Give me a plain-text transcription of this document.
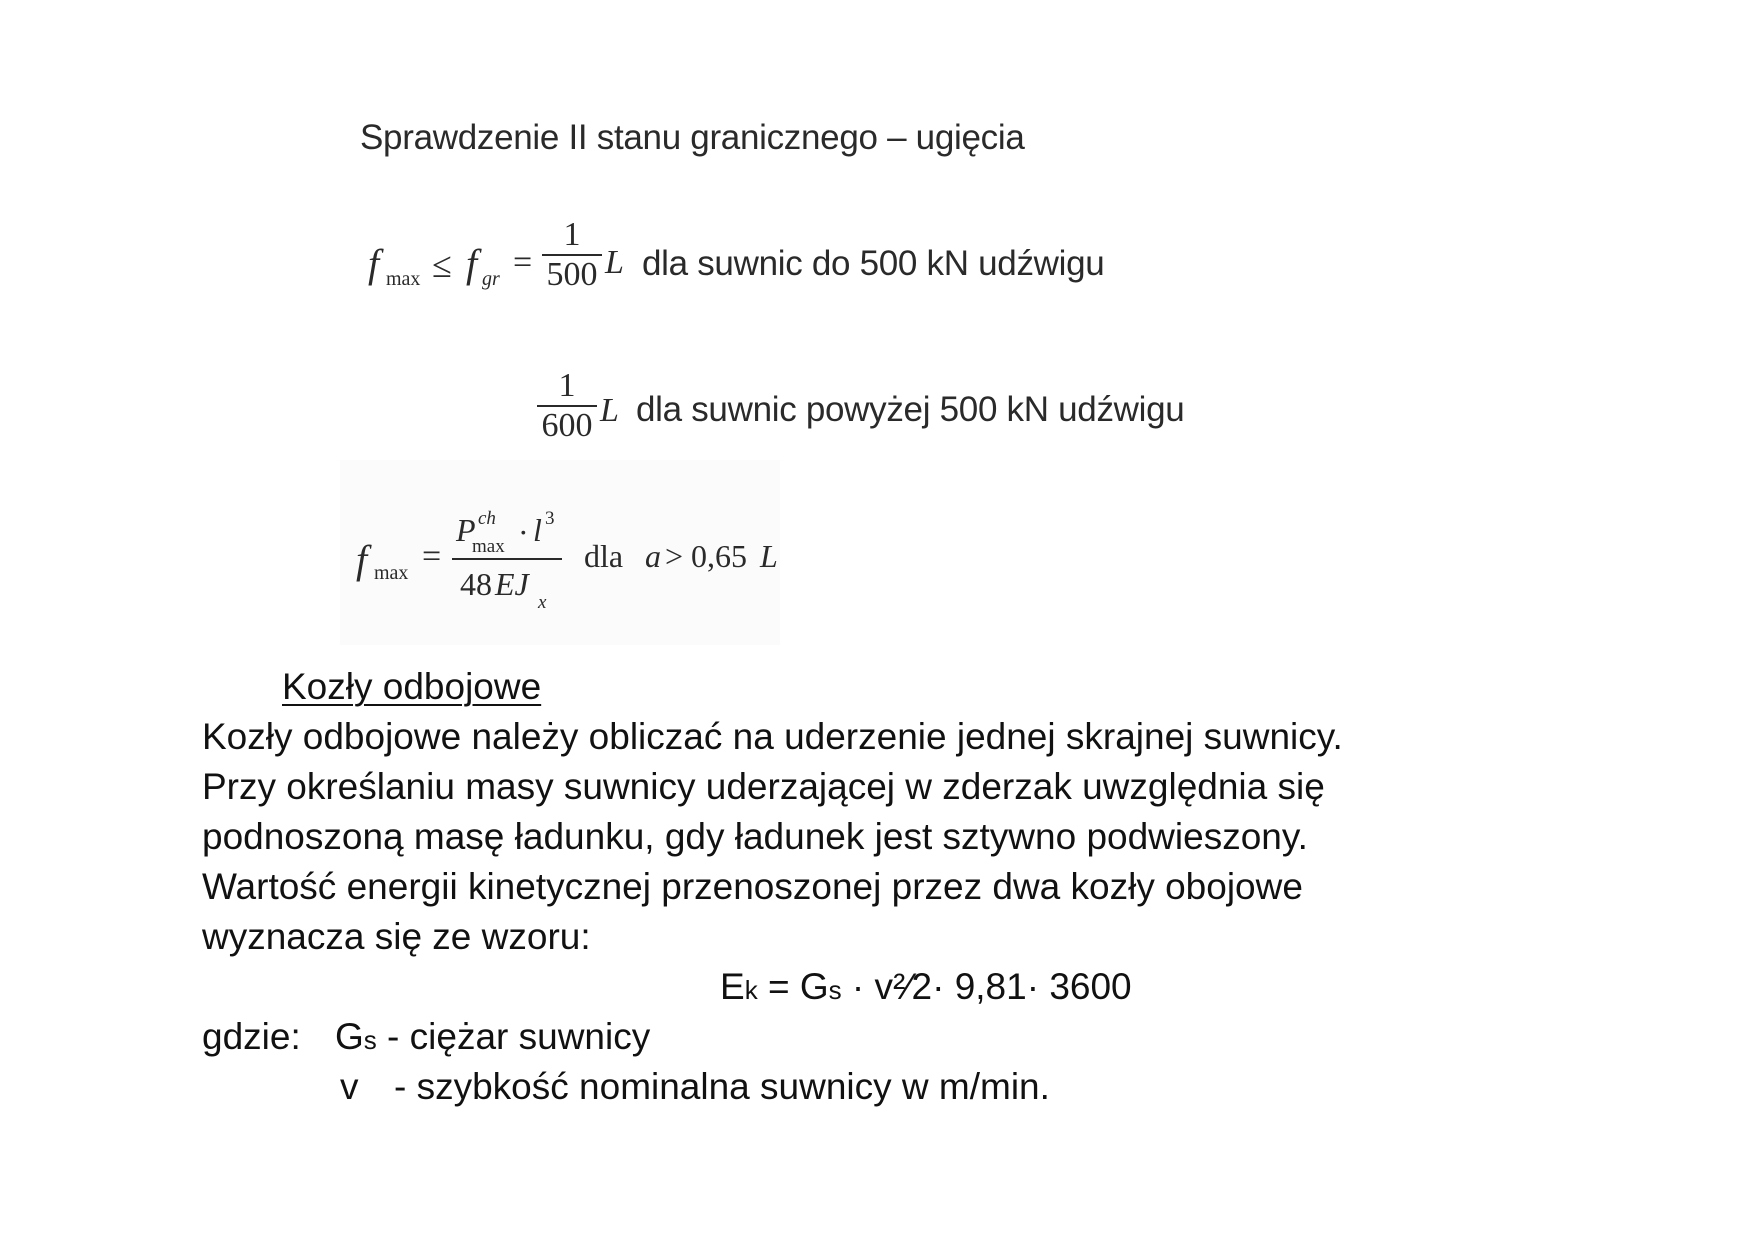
Sprawdzenie II stanu granicznego – ugięcia
f max ≤ f gr =
1
500 L dla suwnic do 500 kN udźwigu
1
600 L dla suwnic powyżej 500 kN udźwigu
f max =
P ch
max · l 3
48 EJ
x
dla a > 0,65 L
Kozły odbojowe
Kozły odbojowe należy obliczać na uderzenie jednej skrajnej suwnicy.
Przy określaniu masy suwnicy uderzającej w zderzak uwzględnia się
podnoszoną masę ładunku, gdy ładunek jest sztywno podwieszony.
Wartość energii kinetycznej przenoszonej przez dwa kozły obojowe
wyznacza się ze wzoru:
Ek = Gs · v²⁄2· 9,81· 3600
gdzie: Gs - ciężar suwnicy
v - szybkość nominalna suwnicy w m/min.
